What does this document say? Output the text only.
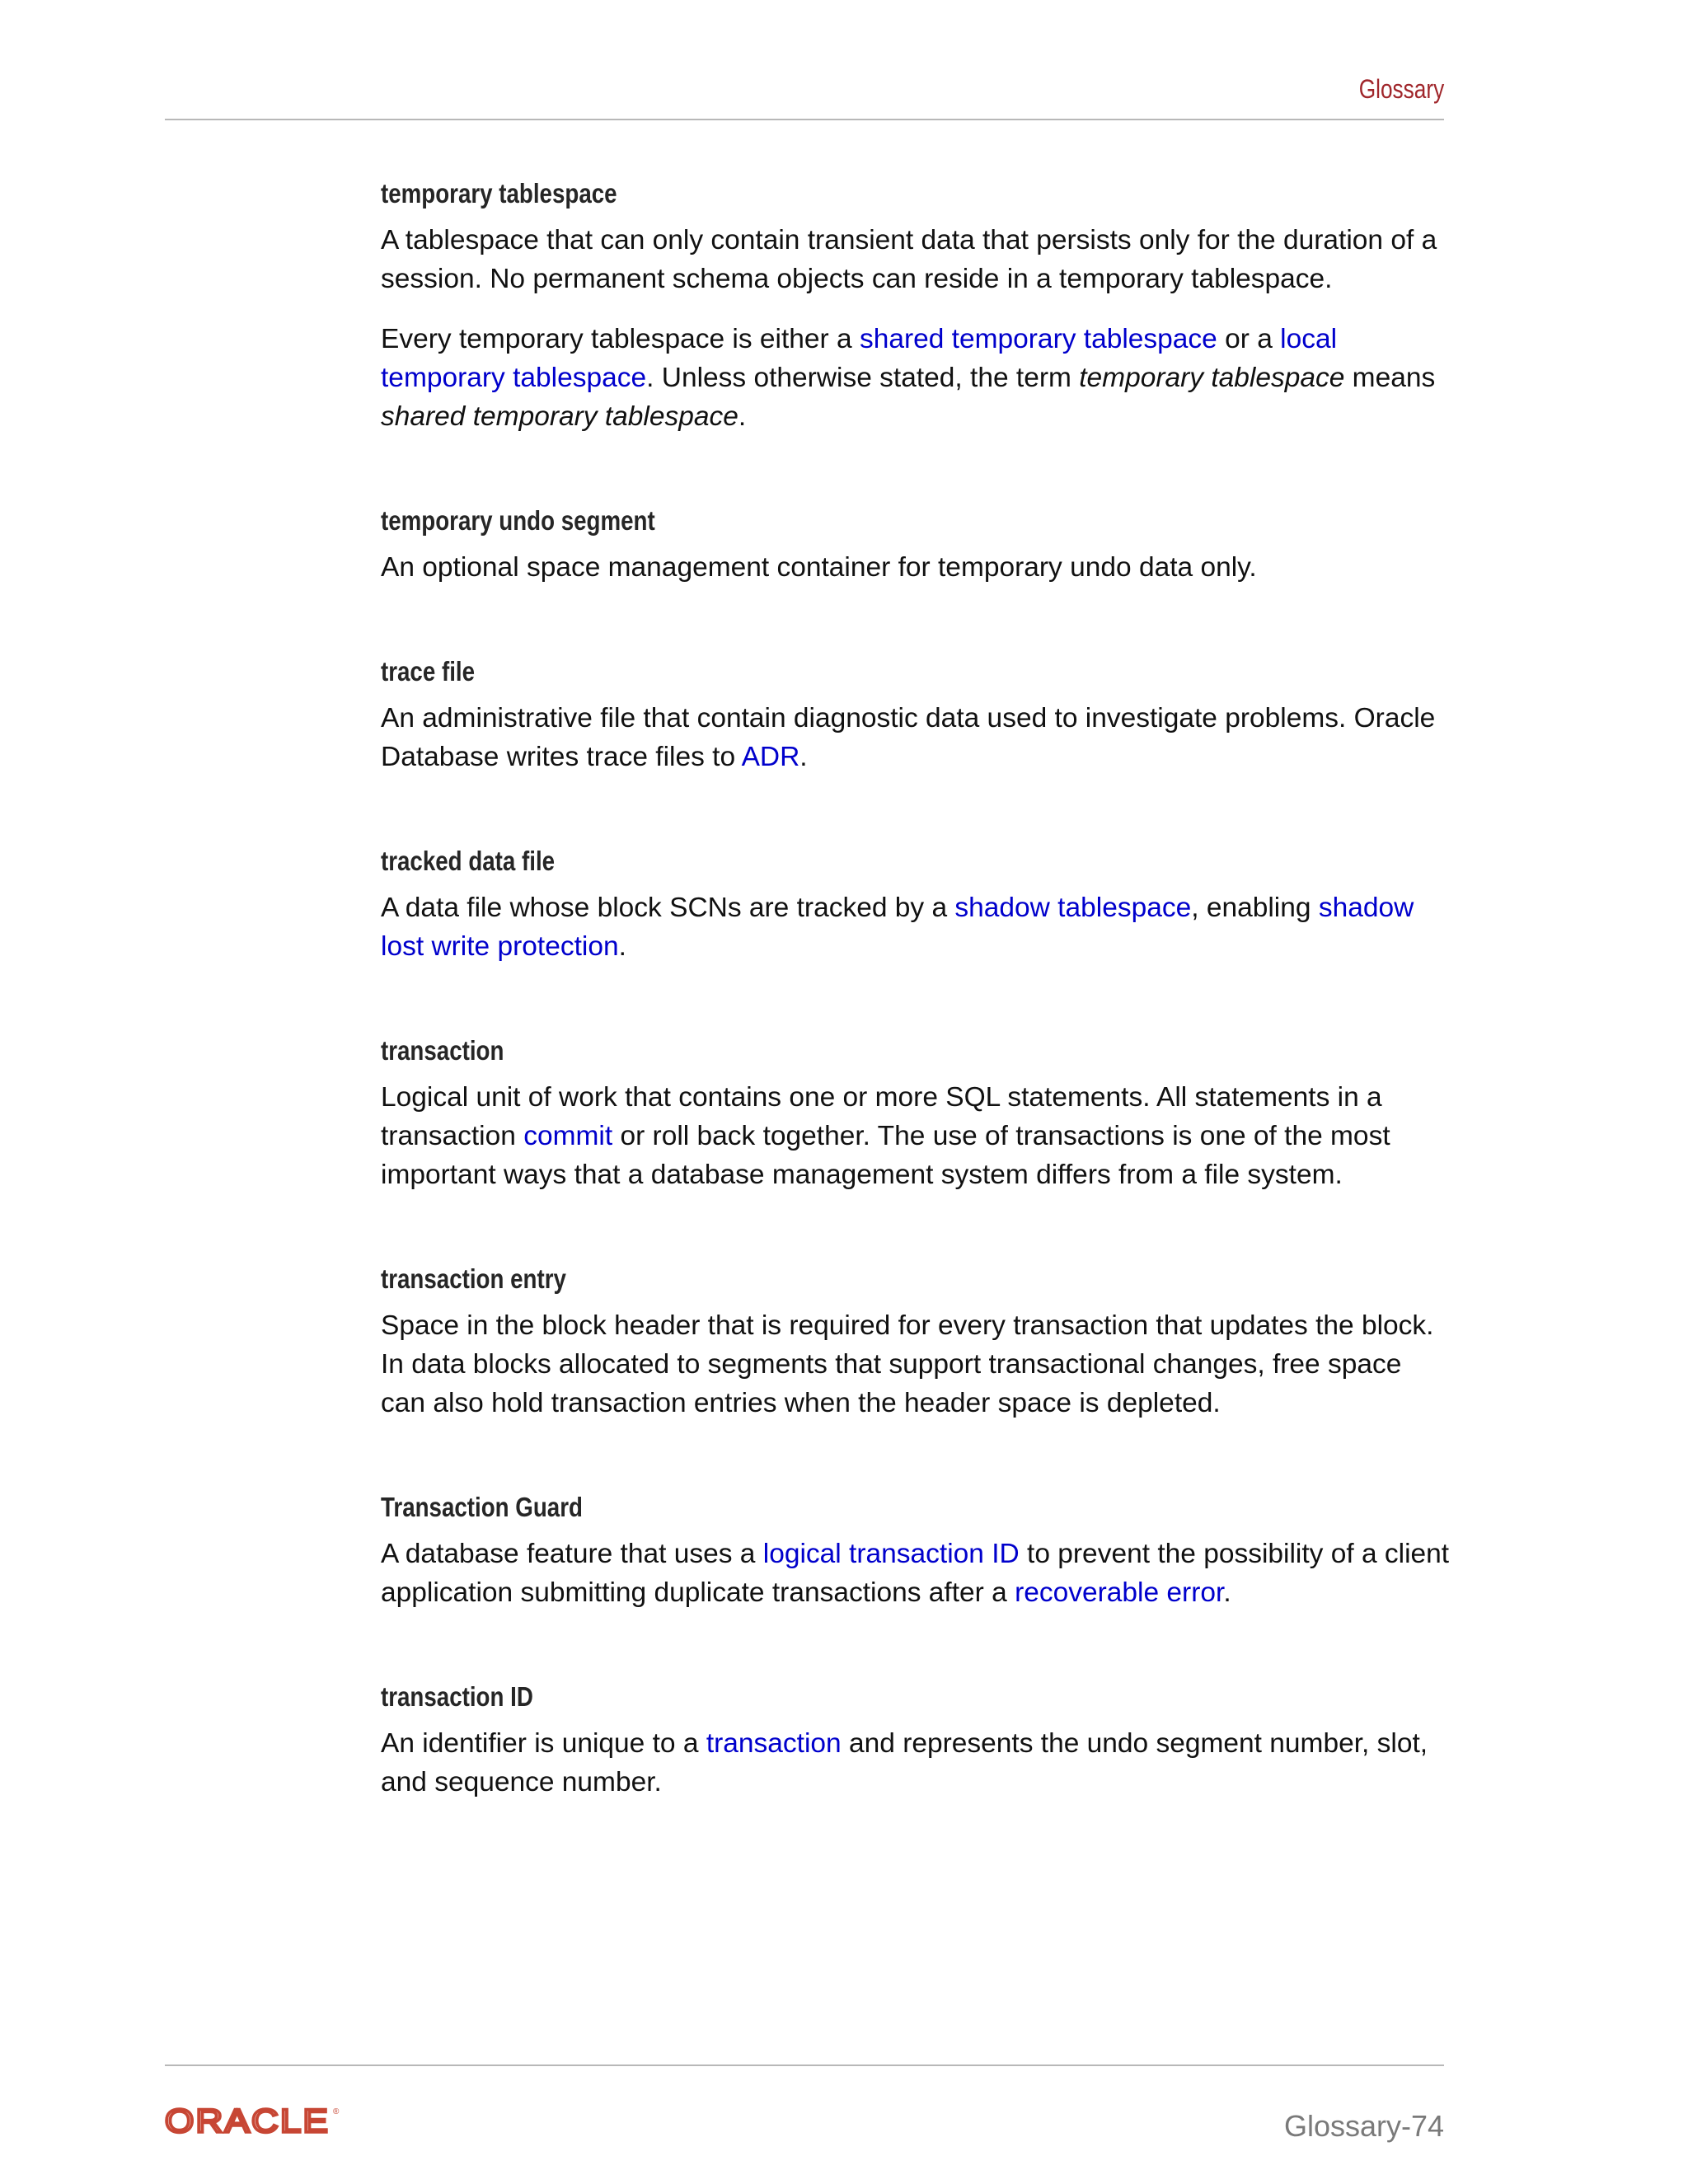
Glossary
temporary tablespace

A tablespace that can only contain transient data that persists only for the duration of a session. No permanent schema objects can reside in a temporary tablespace.

Every temporary tablespace is either a shared temporary tablespace or a local temporary tablespace. Unless otherwise stated, the term temporary tablespace means shared temporary tablespace.

temporary undo segment

An optional space management container for temporary undo data only.

trace file

An administrative file that contain diagnostic data used to investigate problems. Oracle Database writes trace files to ADR.

tracked data file

A data file whose block SCNs are tracked by a shadow tablespace, enabling shadow lost write protection.

transaction

Logical unit of work that contains one or more SQL statements. All statements in a transaction commit or roll back together. The use of transactions is one of the most important ways that a database management system differs from a file system.

transaction entry

Space in the block header that is required for every transaction that updates the block. In data blocks allocated to segments that support transactional changes, free space can also hold transaction entries when the header space is depleted.

Transaction Guard

A database feature that uses a logical transaction ID to prevent the possibility of a client application submitting duplicate transactions after a recoverable error.

transaction ID

An identifier is unique to a transaction and represents the undo segment number, slot, and sequence number.

ORACLE ®	Glossary-74
